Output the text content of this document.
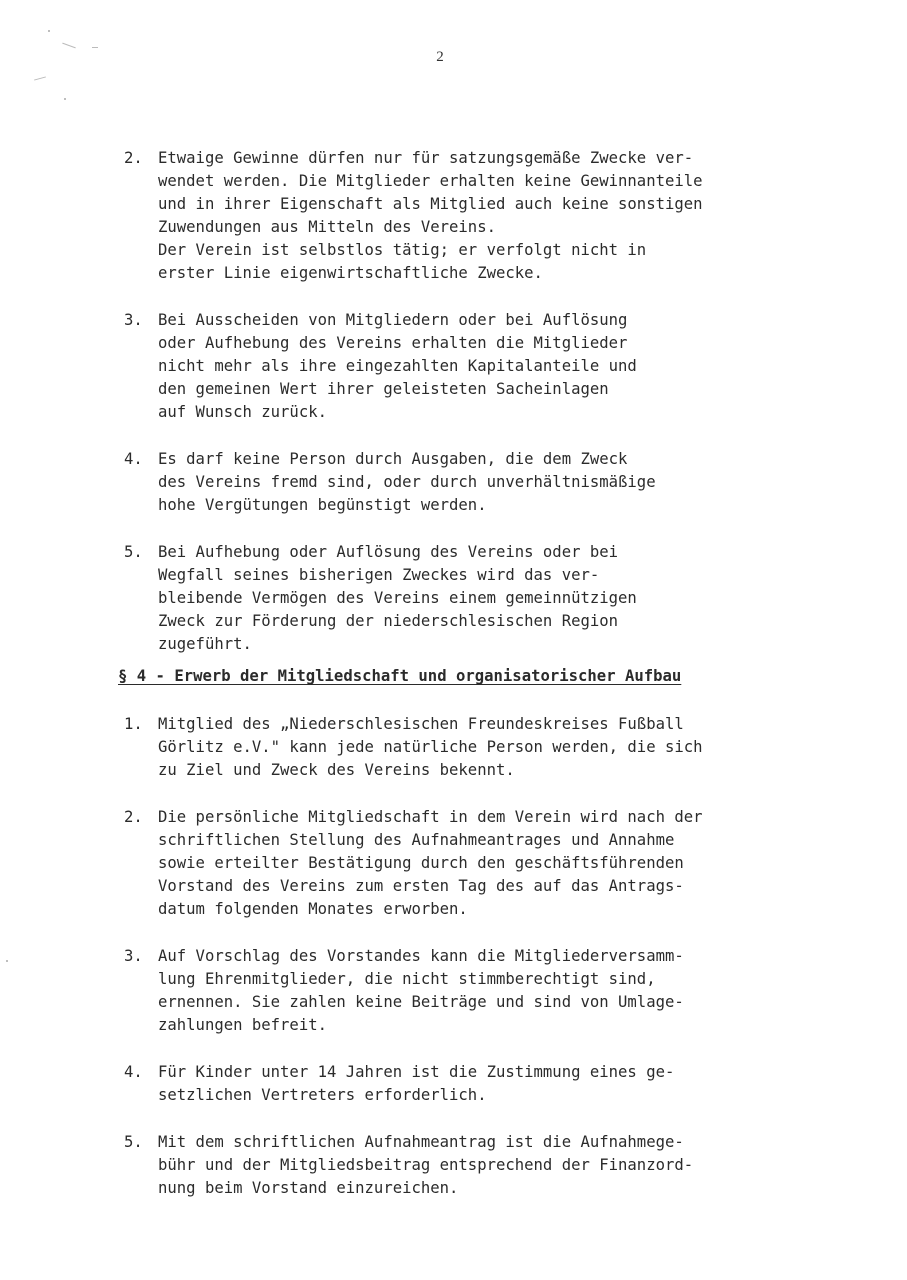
2
2. Etwaige Gewinne dürfen nur für satzungsgemäße Zwecke ver-
wendet werden. Die Mitglieder erhalten keine Gewinnanteile
und in ihrer Eigenschaft als Mitglied auch keine sonstigen
Zuwendungen aus Mitteln des Vereins.
Der Verein ist selbstlos tätig; er verfolgt nicht in
erster Linie eigenwirtschaftliche Zwecke.
3. Bei Ausscheiden von Mitgliedern oder bei Auflösung
oder Aufhebung des Vereins erhalten die Mitglieder
nicht mehr als ihre eingezahlten Kapitalanteile und
den gemeinen Wert ihrer geleisteten Sacheinlagen
auf Wunsch zurück.
4. Es darf keine Person durch Ausgaben, die dem Zweck
des Vereins fremd sind, oder durch unverhältnismäßige
hohe Vergütungen begünstigt werden.
5. Bei Aufhebung oder Auflösung des Vereins oder bei
Wegfall seines bisherigen Zweckes wird das ver-
bleibende Vermögen des Vereins einem gemeinnützigen
Zweck zur Förderung der niederschlesischen Region
zugeführt.
§ 4 - Erwerb der Mitgliedschaft und organisatorischer Aufbau
1. Mitglied des „Niederschlesischen Freundeskreises Fußball
Görlitz e.V." kann jede natürliche Person werden, die sich
zu Ziel und Zweck des Vereins bekennt.
2. Die persönliche Mitgliedschaft in dem Verein wird nach der
schriftlichen Stellung des Aufnahmeantrages und Annahme
sowie erteilter Bestätigung durch den geschäftsführenden
Vorstand des Vereins zum ersten Tag des auf das Antrags-
datum folgenden Monates erworben.
3. Auf Vorschlag des Vorstandes kann die Mitgliederversamm-
lung Ehrenmitglieder, die nicht stimmberechtigt sind,
ernennen. Sie zahlen keine Beiträge und sind von Umlage-
zahlungen befreit.
4. Für Kinder unter 14 Jahren ist die Zustimmung eines ge-
setzlichen Vertreters erforderlich.
5. Mit dem schriftlichen Aufnahmeantrag ist die Aufnahmege-
bühr und der Mitgliedsbeitrag entsprechend der Finanzord-
nung beim Vorstand einzureichen.
